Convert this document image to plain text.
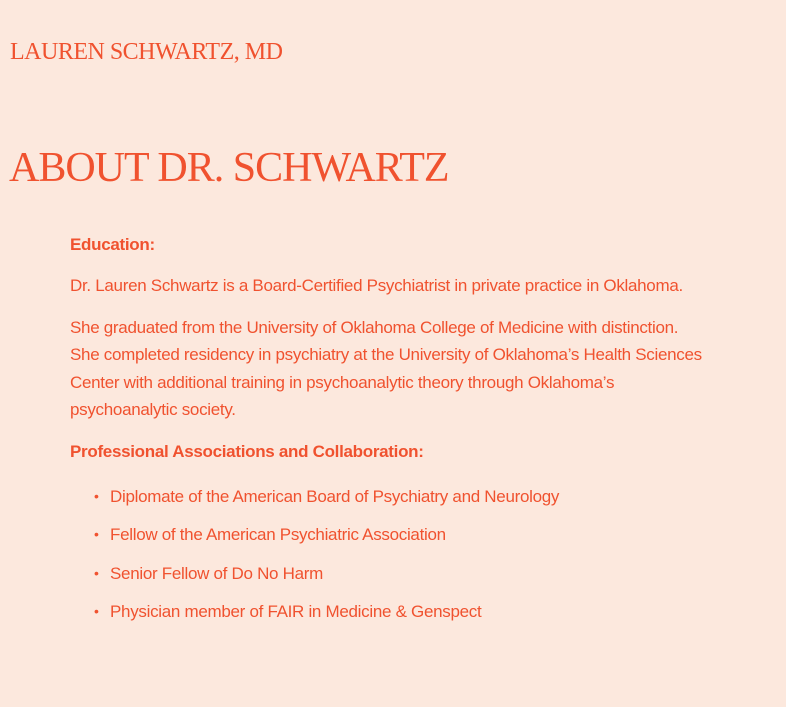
LAUREN SCHWARTZ, MD
ABOUT DR. SCHWARTZ
Education:

Dr. Lauren Schwartz is a Board-Certified Psychiatrist in private practice in Oklahoma.

She graduated from the University of Oklahoma College of Medicine with distinction. She completed residency in psychiatry at the University of Oklahoma’s Health Sciences Center with additional training in psychoanalytic theory through Oklahoma’s psychoanalytic society.

Professional Associations and Collaboration:
• Diplomate of the American Board of Psychiatry and Neurology
• Fellow of the American Psychiatric Association
• Senior Fellow of Do No Harm
• Physician member of FAIR in Medicine & Genspect
